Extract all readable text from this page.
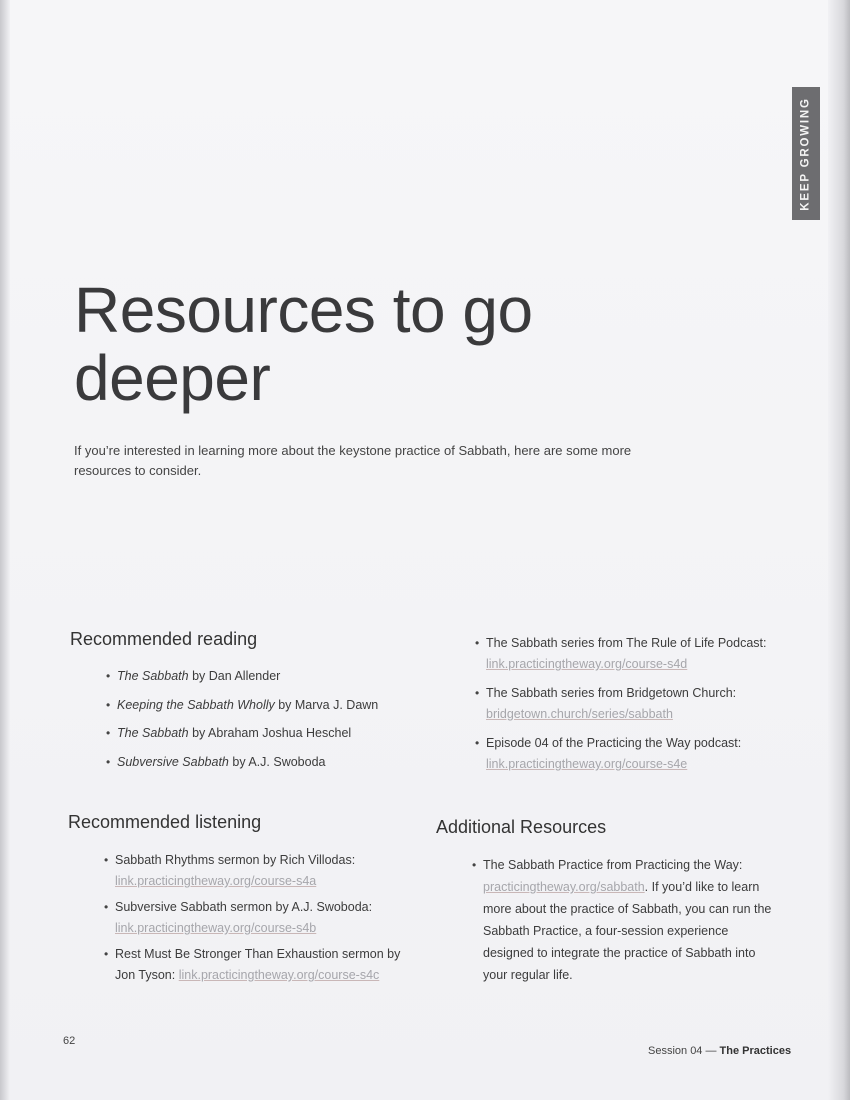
KEEP GROWING
Resources to go
deeper

If you’re interested in learning more about the keystone practice of Sabbath, here are some more resources to consider.

Recommended reading
• The Sabbath by Dan Allender
• Keeping the Sabbath Wholly by Marva J. Dawn
• The Sabbath by Abraham Joshua Heschel
• Subversive Sabbath by A.J. Swoboda
Recommended listening
• Sabbath Rhythms sermon by Rich Villodas:
link.practicingtheway.org/course-s4a
• Subversive Sabbath sermon by A.J. Swoboda:
link.practicingtheway.org/course-s4b
• Rest Must Be Stronger Than Exhaustion sermon by Jon Tyson: link.practicingtheway.org/course-s4c
• The Sabbath series from The Rule of Life Podcast:
link.practicingtheway.org/course-s4d
• The Sabbath series from Bridgetown Church:
bridgetown.church/series/sabbath
• Episode 04 of the Practicing the Way podcast:
link.practicingtheway.org/course-s4e
Additional Resources
• The Sabbath Practice from Practicing the Way:
practicingtheway.org/sabbath. If you’d like to learn more about the practice of Sabbath, you can run the Sabbath Practice, a four-session experience designed to integrate the practice of Sabbath into your regular life.
62
Session 04 — The Practices
